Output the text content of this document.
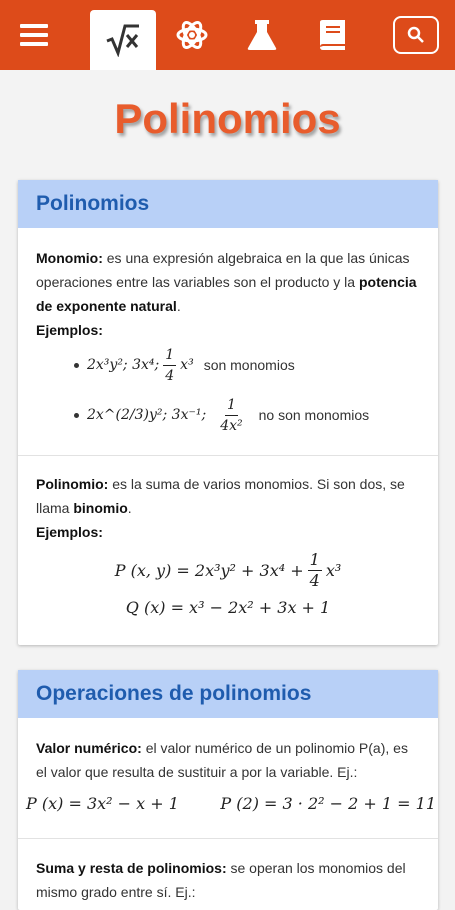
Polinomios
Polinomios
Monomio: es una expresión algebraica en la que las únicas operaciones entre las variables son el producto y la potencia de exponente natural.
Ejemplos:
2x³y²; 3x⁴; $\frac{1}{4} x^3$ son monomios
2x^(2/3)y²; 3x⁻¹; $\frac{1}{\text{4x²}}$ no son monomios
Polinomio: es la suma de varios monomios. Si son dos, se llama binomio.
Ejemplos:
P (x, $y) = 2x^3y^2 + 3x^4 + \frac{1}{4} x^3$
Q (x) = x³ − 2x² + 3x + 1
Operaciones de polinomios
Valor numérico: el valor numérico de un polinomio P(a), es el valor que resulta de sustituir a por la variable. Ej.:
P (x) = 3x² − x + 1	P (2) = 3 · 2² − 2 + 1 = 11
Suma y resta de polinomios: se operan los monomios del mismo grado entre sí. Ej.:
